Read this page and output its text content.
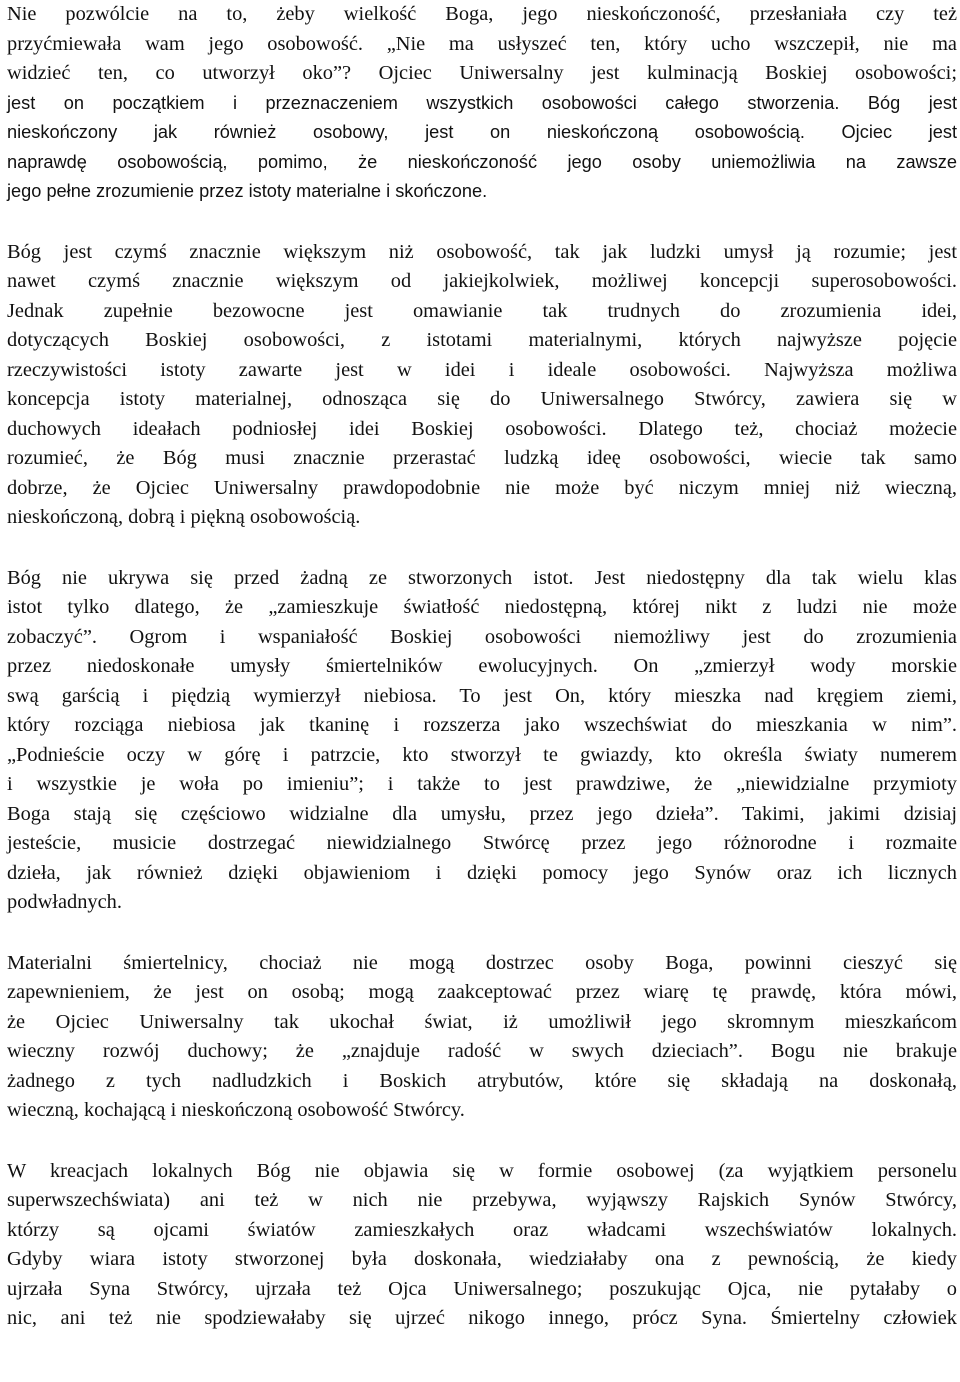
Nie pozwólcie na to, żeby wielkość Boga, jego nieskończoność, przesłaniała czy też
przyćmiewała wam jego osobowość. „Nie ma usłyszeć ten, który ucho wszczepił, nie ma
widzieć ten, co utworzył oko”? Ojciec Uniwersalny jest kulminacją Boskiej osobowości;
jest on początkiem i przeznaczeniem wszystkich osobowości całego stworzenia. Bóg jest
nieskończony jak również osobowy, jest on nieskończoną osobowością. Ojciec jest
naprawdę osobowością, pomimo, że nieskończoność jego osoby uniemożliwia na zawsze
jego pełne zrozumienie przez istoty materialne i skończone.
Bóg jest czymś znacznie większym niż osobowość, tak jak ludzki umysł ją rozumie; jest
nawet czymś znacznie większym od jakiejkolwiek, możliwej koncepcji superosobowości.
Jednak zupełnie bezowocne jest omawianie tak trudnych do zrozumienia idei,
dotyczących Boskiej osobowości, z istotami materialnymi, których najwyższe pojęcie
rzeczywistości istoty zawarte jest w idei i ideale osobowości. Najwyższa możliwa
koncepcja istoty materialnej, odnosząca się do Uniwersalnego Stwórcy, zawiera się w
duchowych ideałach podniosłej idei Boskiej osobowości. Dlatego też, chociaż możecie
rozumieć, że Bóg musi znacznie przerastać ludzką ideę osobowości, wiecie tak samo
dobrze, że Ojciec Uniwersalny prawdopodobnie nie może być niczym mniej niż wieczną,
nieskończoną, dobrą i piękną osobowością.
Bóg nie ukrywa się przed żadną ze stworzonych istot. Jest niedostępny dla tak wielu klas
istot tylko dlatego, że „zamieszkuje światłość niedostępną, której nikt z ludzi nie może
zobaczyć”. Ogrom i wspaniałość Boskiej osobowości niemożliwy jest do zrozumienia
przez niedoskonałe umysły śmiertelników ewolucyjnych. On „zmierzył wody morskie
swą garścią i piędzią wymierzył niebiosa. To jest On, który mieszka nad kręgiem ziemi,
który rozciąga niebiosa jak tkaninę i rozszerza jako wszechświat do mieszkania w nim”.
„Podnieście oczy w górę i patrzcie, kto stworzył te gwiazdy, kto określa światy numerem
i wszystkie je woła po imieniu”; i także to jest prawdziwe, że „niewidzialne przymioty
Boga stają się częściowo widzialne dla umysłu, przez jego dzieła”. Takimi, jakimi dzisiaj
jesteście, musicie dostrzegać niewidzialnego Stwórcę przez jego różnorodne i rozmaite
dzieła, jak również dzięki objawieniom i dzięki pomocy jego Synów oraz ich licznych
podwładnych.
Materialni śmiertelnicy, chociaż nie mogą dostrzec osoby Boga, powinni cieszyć się
zapewnieniem, że jest on osobą; mogą zaakceptować przez wiarę tę prawdę, która mówi,
że Ojciec Uniwersalny tak ukochał świat, iż umożliwił jego skromnym mieszkańcom
wieczny rozwój duchowy; że „znajduje radość w swych dzieciach”. Bogu nie brakuje
żadnego z tych nadludzkich i Boskich atrybutów, które się składają na doskonałą,
wieczną, kochającą i nieskończoną osobowość Stwórcy.
W kreacjach lokalnych Bóg nie objawia się w formie osobowej (za wyjątkiem personelu
superwszechświata) ani też w nich nie przebywa, wyjąwszy Rajskich Synów Stwórcy,
którzy są ojcami światów zamieszkałych oraz władcami wszechświatów lokalnych.
Gdyby wiara istoty stworzonej była doskonała, wiedziałaby ona z pewnością, że kiedy
ujrzała Syna Stwórcy, ujrzała też Ojca Uniwersalnego; poszukując Ojca, nie pytałaby o
nic, ani też nie spodziewałaby się ujrzeć nikogo innego, prócz Syna. Śmiertelny człowiek
